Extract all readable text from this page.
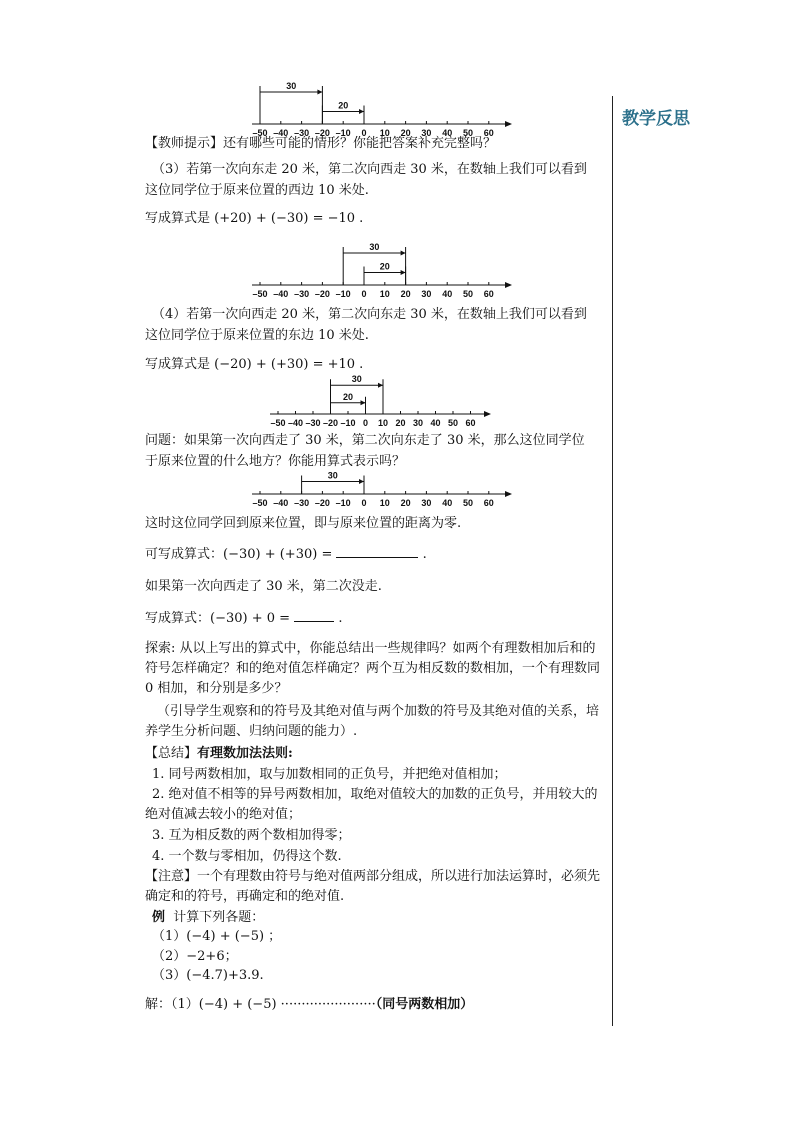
教学反思
–50 –40 –30 –20 –10 0 10 20 30 40 50 60
30
20
–50 –40 –30 –20 –10 0 10 20 30 40 50 60
30
20
–50 –40 –30 –20 –10 0 10 20 30 40 50 60
30
20
–50 –40 –30 –20 –10 0 10 20 30 40 50 60
30
【教师提示】还有哪些可能的情形？你能把答案补充完整吗？
（3）若第一次向东走 20 米，第二次向西走 30 米，在数轴上我们可以看到
这位同学位于原来位置的西边 10 米处.
写成算式是 (+20) + (−30) = −10 .
（4）若第一次向西走 20 米，第二次向东走 30 米，在数轴上我们可以看到
这位同学位于原来位置的东边 10 米处.
写成算式是 (−20) + (+30) = +10 .
问题：如果第一次向西走了 30 米，第二次向东走了 30 米，那么这位同学位
于原来位置的什么地方？你能用算式表示吗？
这时这位同学回到原来位置，即与原来位置的距离为零.
可写成算式：(−30) + (+30) =	.
如果第一次向西走了 30 米，第二次没走.
写成算式：(−30) + 0 =	.
探索: 从以上写出的算式中，你能总结出一些规律吗？如两个有理数相加后和的符号怎样确定？和的绝对值怎样确定？两个互为相反数的数相加，一个有理数同 0 相加，和分别是多少？
（引导学生观察和的符号及其绝对值与两个加数的符号及其绝对值的关系，培养学生分析问题、归纳问题的能力）.
【总结】有理数加法法则:
1. 同号两数相加，取与加数相同的正负号，并把绝对值相加；
2. 绝对值不相等的异号两数相加，取绝对值较大的加数的正负号，并用较大的绝对值减去较小的绝对值；
3. 互为相反数的两个数相加得零；
4. 一个数与零相加，仍得这个数.
【注意】一个有理数由符号与绝对值两部分组成，所以进行加法运算时，必须先确定和的符号，再确定和的绝对值.
例 计算下列各题：
（1）(−4) + (−5) ；
（2）−2+6；
（3）(−4.7)+3.9.
解：（1）(−4) + (−5) ·······················（同号两数相加）
